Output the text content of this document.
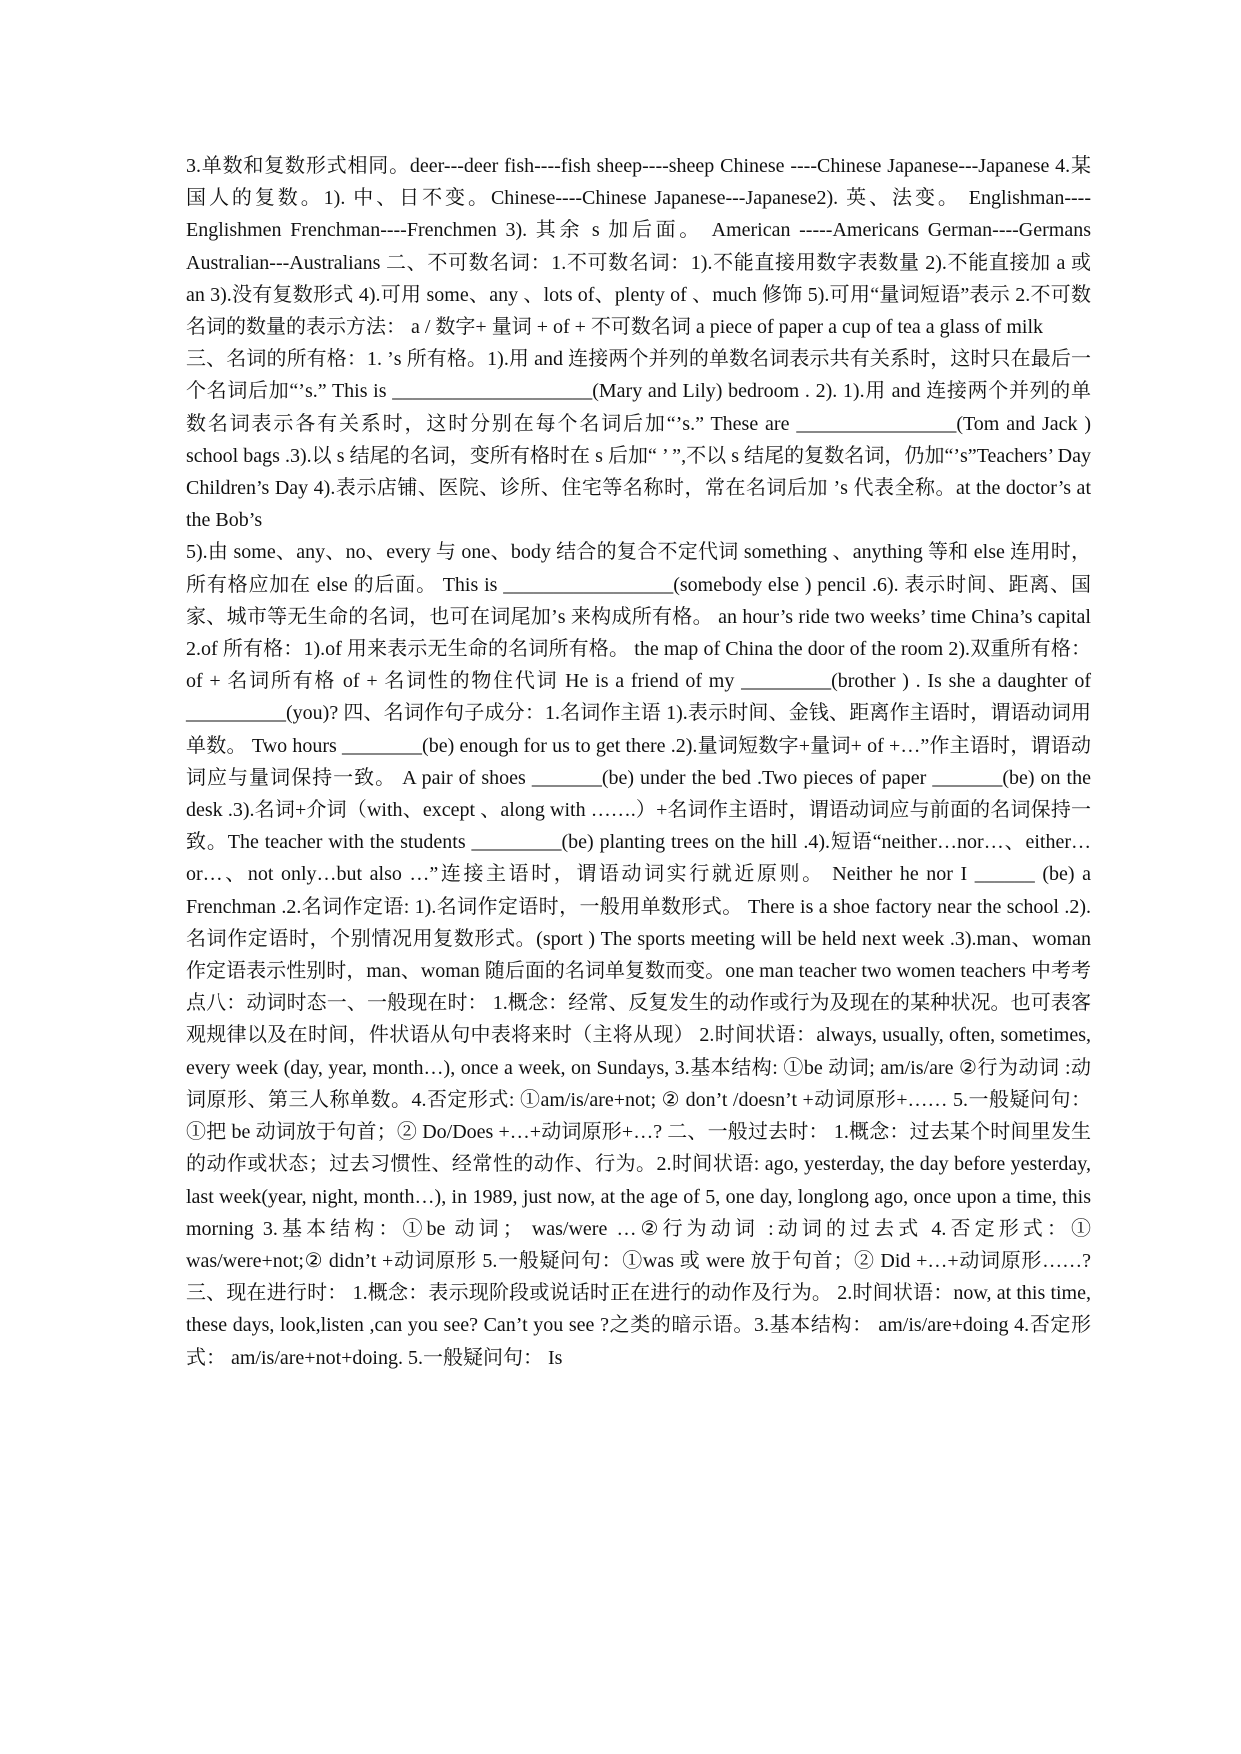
3.单数和复数形式相同。deer---deer fish----fish sheep----sheep Chinese ----Chinese Japanese---Japanese 4.某国人的复数。1). 中、日不变。Chinese----Chinese Japanese---Japanese2). 英、法变。 Englishman----Englishmen Frenchman----Frenchmen 3). 其余 s 加后面。 American -----Americans German----Germans Australian---Australians 二、不可数名词：1.不可数名词：1).不能直接用数字表数量 2).不能直接加 a 或 an 3).没有复数形式 4).可用 some、any 、lots of、plenty of 、much 修饰 5).可用“量词短语”表示 2.不可数名词的数量的表示方法： a / 数字+ 量词 + of + 不可数名词 a piece of paper a cup of tea a glass of milk

三、名词的所有格：1. ’s 所有格。1).用 and 连接两个并列的单数名词表示共有关系时，这时只在最后一个名词后加“’s.” This is ____________________(Mary and Lily) bedroom . 2). 1).用 and 连接两个并列的单数名词表示各有关系时，这时分别在每个名词后加“’s.” These are ________________(Tom and Jack ) school bags .3).以 s 结尾的名词，变所有格时在 s 后加“ ’ ”,不以 s 结尾的复数名词，仍加“’s”Teachers’ Day Children’s Day 4).表示店铺、医院、诊所、住宅等名称时，常在名词后加 ’s 代表全称。at the doctor’s at the Bob’s

5).由 some、any、no、every 与 one、body 结合的复合不定代词 something 、anything 等和 else 连用时，所有格应加在 else 的后面。 This is _________________(somebody else ) pencil .6). 表示时间、距离、国家、城市等无生命的名词，也可在词尾加’s 来构成所有格。 an hour’s ride two weeks’ time China’s capital 2.of 所有格：1).of 用来表示无生命的名词所有格。 the map of China the door of the room 2).双重所有格： of + 名词所有格 of + 名词性的物住代词 He is a friend of my _________(brother ) . Is she a daughter of __________(you)? 四、名词作句子成分：1.名词作主语 1).表示时间、金钱、距离作主语时，谓语动词用单数。 Two hours ________(be) enough for us to get there .2).量词短数字+量词+ of +…”作主语时，谓语动词应与量词保持一致。 A pair of shoes _______(be) under the bed .Two pieces of paper _______(be) on the desk .3).名词+介词（with、except 、along with …….）+名词作主语时，谓语动词应与前面的名词保持一致。The teacher with the students _________(be) planting trees on the hill .4).短语“neither…nor…、either…or…、not only…but also …”连接主语时，谓语动词实行就近原则。 Neither he nor I ______ (be) a Frenchman .2.名词作定语: 1).名词作定语时，一般用单数形式。 There is a shoe factory near the school .2).名词作定语时，个别情况用复数形式。(sport ) The sports meeting will be held next week .3).man、woman 作定语表示性别时，man、woman 随后面的名词单复数而变。one man teacher two women teachers 中考考点八：动词时态一、一般现在时： 1.概念：经常、反复发生的动作或行为及现在的某种状况。也可表客观规律以及在时间，件状语从句中表将来时（主将从现） 2.时间状语：always, usually, often, sometimes, every week (day, year, month…), once a week, on Sundays, 3.基本结构: ①be 动词; am/is/are ②行为动词 :动词原形、第三人称单数。4.否定形式: ①am/is/are+not; ② don’t /doesn’t +动词原形+…… 5.一般疑问句：①把 be 动词放于句首；② Do/Does +…+动词原形+…? 二、一般过去时： 1.概念：过去某个时间里发生的动作或状态；过去习惯性、经常性的动作、行为。2.时间状语: ago, yesterday, the day before yesterday, last week(year, night, month…), in 1989, just now, at the age of 5, one day, longlong ago, once upon a time, this morning 3.基本结构：①be 动词； was/were …②行为动词 :动词的过去式 4.否定形式：① was/were+not;② didn’t +动词原形 5.一般疑问句：①was 或 were 放于句首；② Did +…+动词原形……?三、现在进行时： 1.概念：表示现阶段或说话时正在进行的动作及行为。 2.时间状语：now, at this time, these days, look,listen ,can you see? Can’t you see ?之类的暗示语。3.基本结构： am/is/are+doing 4.否定形式： am/is/are+not+doing. 5.一般疑问句： Is
